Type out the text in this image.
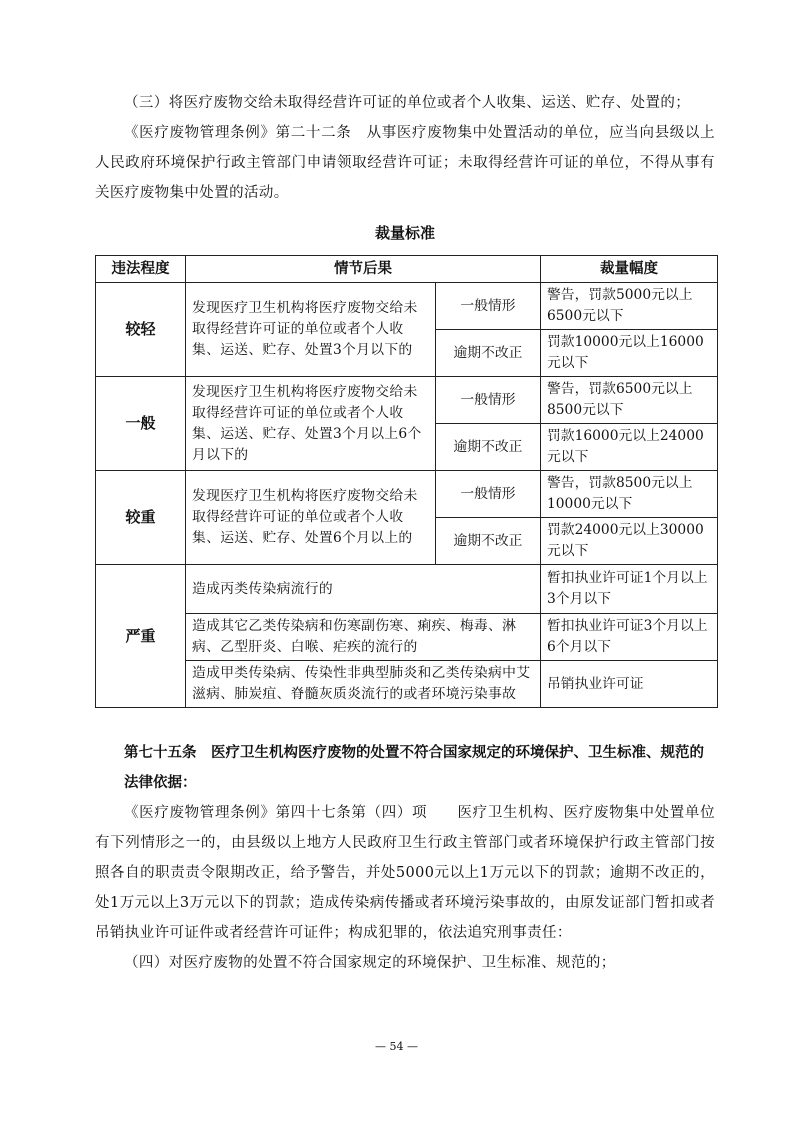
（三）将医疗废物交给未取得经营许可证的单位或者个人收集、运送、贮存、处置的；

《医疗废物管理条例》第二十二条　从事医疗废物集中处置活动的单位，应当向县级以上人民政府环境保护行政主管部门申请领取经营许可证；未取得经营许可证的单位，不得从事有关医疗废物集中处置的活动。

裁量标准
违法程度	情节后果		裁量幅度
较轻	发现医疗卫生机构将医疗废物交给未取得经营许可证的单位或者个人收集、运送、贮存、处置3个月以下的	一般情形	警告，罚款5000元以上6500元以下
		逾期不改正	罚款10000元以上16000元以下
一般	发现医疗卫生机构将医疗废物交给未取得经营许可证的单位或者个人收集、运送、贮存、处置3个月以上6个月以下的	一般情形	警告，罚款6500元以上8500元以下
		逾期不改正	罚款16000元以上24000元以下
较重	发现医疗卫生机构将医疗废物交给未取得经营许可证的单位或者个人收集、运送、贮存、处置6个月以上的	一般情形	警告，罚款8500元以上10000元以下
		逾期不改正	罚款24000元以上30000元以下
严重	造成丙类传染病流行的		暂扣执业许可证1个月以上3个月以下
	造成其它乙类传染病和伤寒副伤寒、痢疾、梅毒、淋病、乙型肝炎、白喉、疟疾的流行的		暂扣执业许可证3个月以上6个月以下
	造成甲类传染病、传染性非典型肺炎和乙类传染病中艾滋病、肺炭疽、脊髓灰质炎流行的或者环境污染事故		吊销执业许可证

第七十五条　医疗卫生机构医疗废物的处置不符合国家规定的环境保护、卫生标准、规范的

法律依据：

《医疗废物管理条例》第四十七条第（四）项　　医疗卫生机构、医疗废物集中处置单位有下列情形之一的，由县级以上地方人民政府卫生行政主管部门或者环境保护行政主管部门按照各自的职责责令限期改正，给予警告，并处5000元以上1万元以下的罚款；逾期不改正的，处1万元以上3万元以下的罚款；造成传染病传播或者环境污染事故的，由原发证部门暂扣或者吊销执业许可证件或者经营许可证件；构成犯罪的，依法追究刑事责任：

（四）对医疗废物的处置不符合国家规定的环境保护、卫生标准、规范的；

— 54 —
